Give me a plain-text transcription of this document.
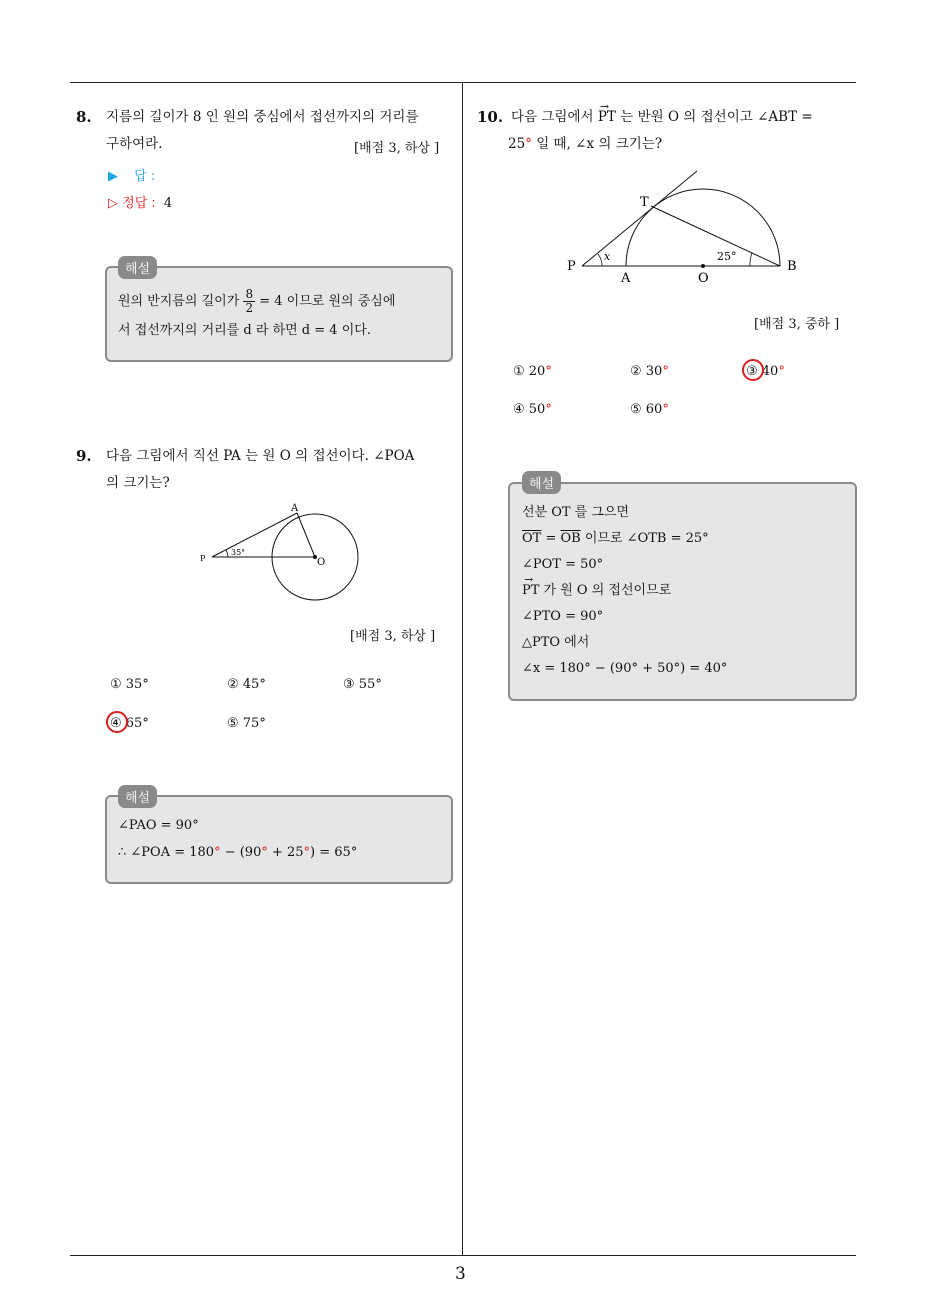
3
8. 지름의 길이가 8 인 원의 중심에서 접선까지의 거리를
구하여라.	[배점 3, 하상 ]
▶ 답 :
▷ 정답 : 4
해설
원의 반지름의 길이가 $\frac{8}{2} = 4$ 이므로 원의 중심에
서 접선까지의 거리를 d 라 하면 d = 4 이다.
9. 다음 그림에서 직선 PA 는 원 O 의 접선이다. ∠POA
의 크기는?
A
P	O
35°
[배점 3, 하상 ]
① 35°	② 45°	③ 55°
④ 65°	⑤ 75°
해설
∠PAO = 90°
∴ ∠POA = 180° − (90° + 25°) = 65°
10. 다음 그림에서 → PT 는 반원 O 의 접선이고 ∠ABT =
25° 일 때, ∠x 의 크기는?
T
P
A	O
B
x	25°
[배점 3, 중하 ]
① 20°	② 30°	③ 40°
④ 50°	⑤ 60°
해설
선분 OT 를 그으면
$\overline{OT} = \overline{OB}$ 이므로 ∠OTB = 25°
∠POT = 50°
→ PT 가 원 O 의 접선이므로
∠PTO = 90°
△PTO 에서
∠x = 180° − (90° + 50°) = 40°
